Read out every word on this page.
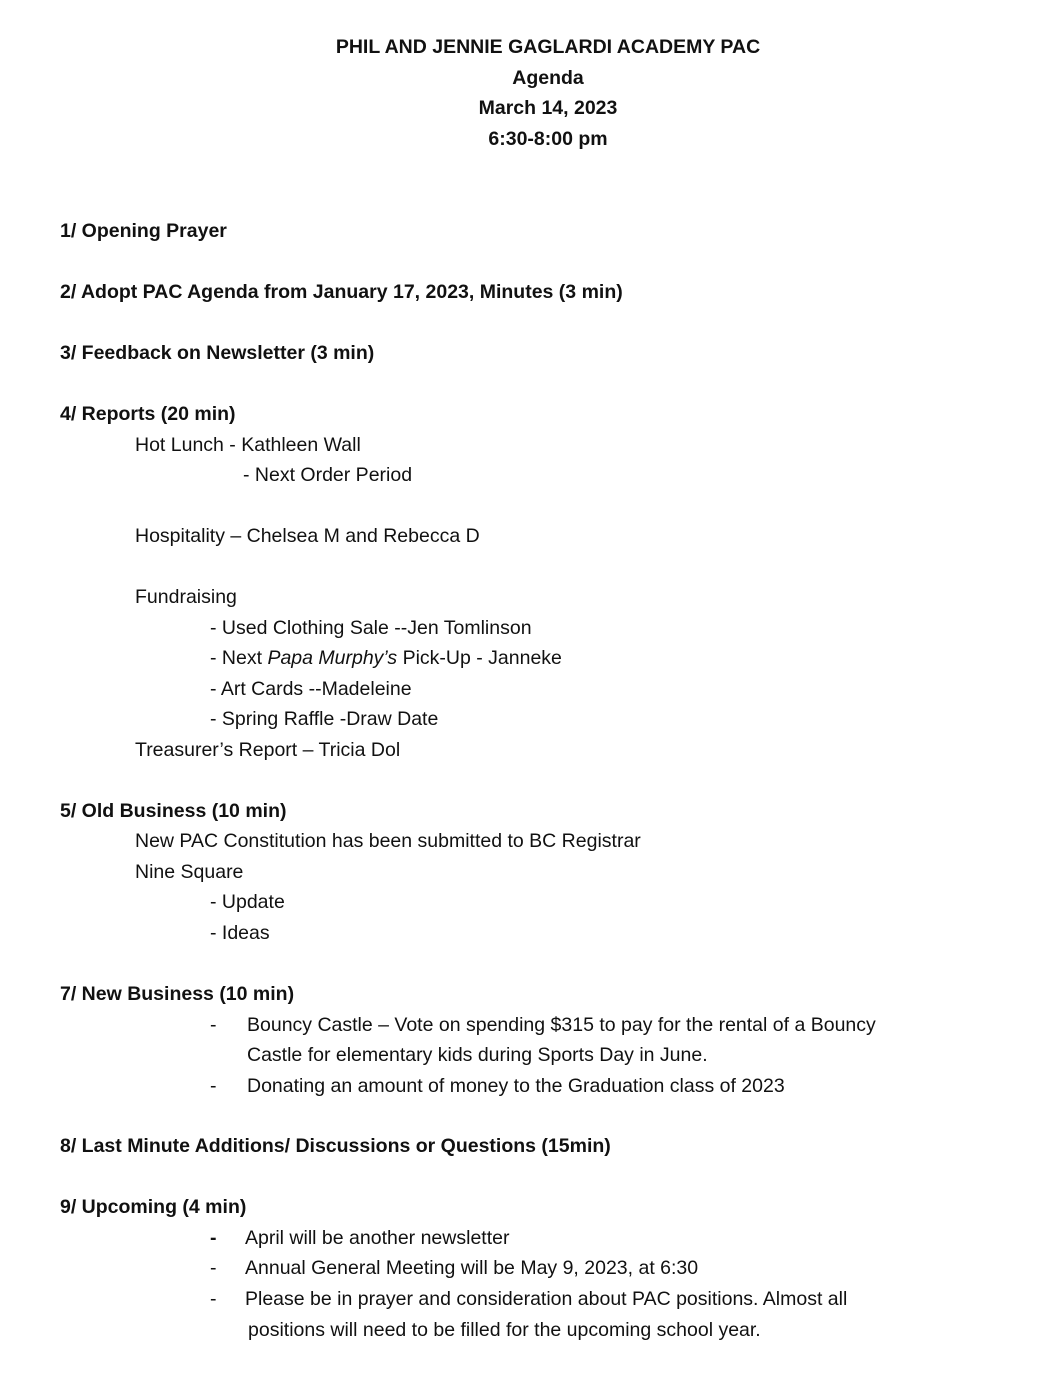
PHIL AND JENNIE GAGLARDI ACADEMY PAC
Agenda
March 14, 2023
6:30-8:00 pm
1/ Opening Prayer
2/ Adopt PAC Agenda from January 17, 2023, Minutes (3 min)
3/ Feedback on Newsletter (3 min)
4/ Reports (20 min)
Hot Lunch - Kathleen Wall
- Next Order Period
Hospitality – Chelsea M and Rebecca D
Fundraising
- Used Clothing Sale --Jen Tomlinson
- Next Papa Murphy’s Pick-Up - Janneke
- Art Cards --Madeleine
- Spring Raffle -Draw Date
Treasurer’s Report – Tricia Dol
5/ Old Business (10 min)
New PAC Constitution has been submitted to BC Registrar
Nine Square
- Update
- Ideas
7/ New Business (10 min)
- Bouncy Castle – Vote on spending $315 to pay for the rental of a Bouncy
Castle for elementary kids during Sports Day in June.
- Donating an amount of money to the Graduation class of 2023
8/ Last Minute Additions/ Discussions or Questions (15min)
9/ Upcoming (4 min)
- April will be another newsletter
- Annual General Meeting will be May 9, 2023, at 6:30
- Please be in prayer and consideration about PAC positions. Almost all
positions will need to be filled for the upcoming school year.
